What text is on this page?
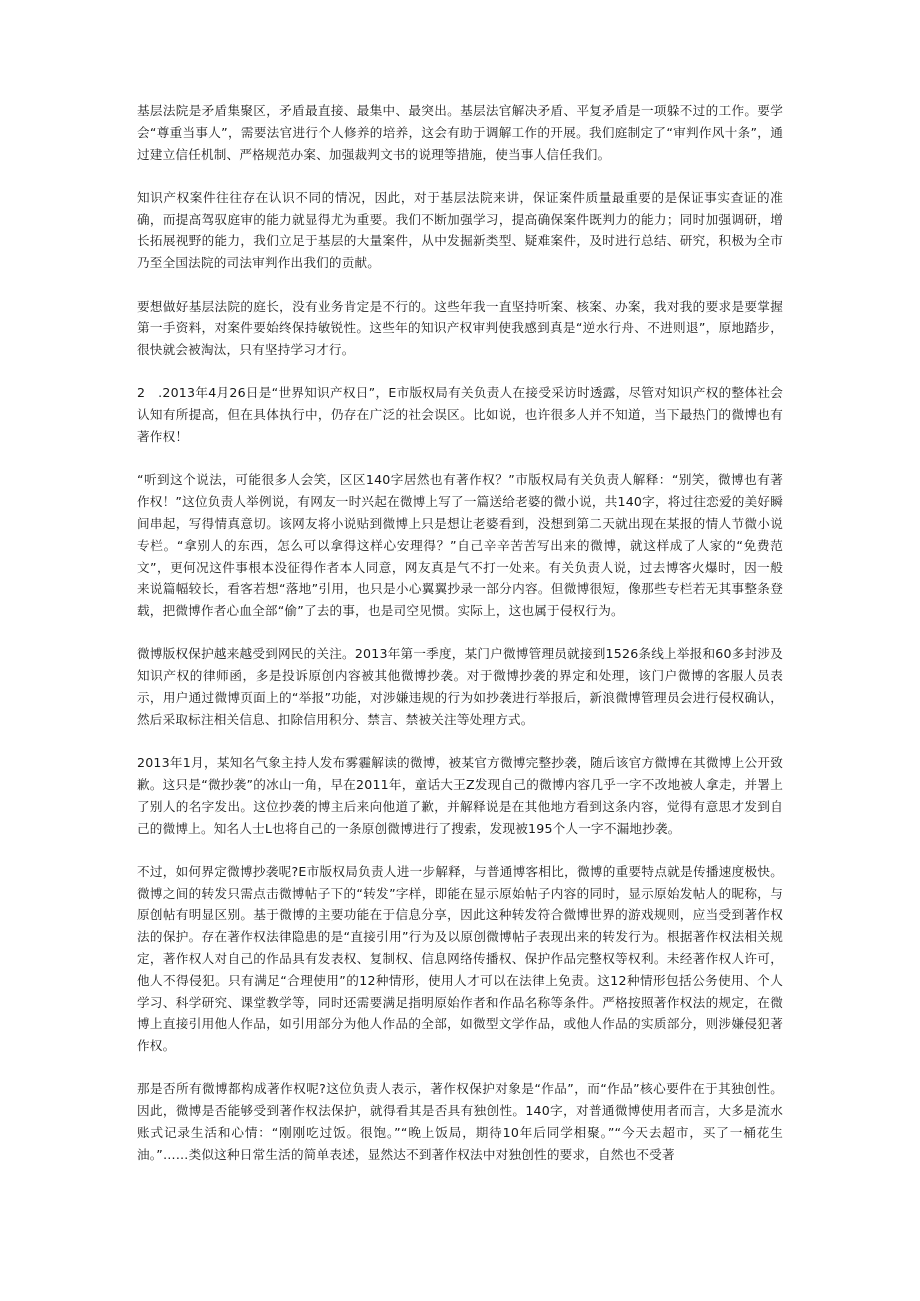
基层法院是矛盾集聚区，矛盾最直接、最集中、最突出。基层法官解决矛盾、平复矛盾是一项躲不过的工作。要学会“尊重当事人”，需要法官进行个人修养的培养，这会有助于调解工作的开展。我们庭制定了“审判作风十条”，通过建立信任机制、严格规范办案、加强裁判文书的说理等措施，使当事人信任我们。

知识产权案件往往存在认识不同的情况，因此，对于基层法院来讲，保证案件质量最重要的是保证事实查证的准确，而提高驾驭庭审的能力就显得尤为重要。我们不断加强学习，提高确保案件既判力的能力；同时加强调研，增长拓展视野的能力，我们立足于基层的大量案件，从中发掘新类型、疑难案件，及时进行总结、研究，积极为全市乃至全国法院的司法审判作出我们的贡献。

要想做好基层法院的庭长，没有业务肯定是不行的。这些年我一直坚持听案、核案、办案，我对我的要求是要掌握第一手资料，对案件要始终保持敏锐性。这些年的知识产权审判使我感到真是“逆水行舟、不进则退”，原地踏步，很快就会被淘汰，只有坚持学习才行。

2　.2013年4月26日是“世界知识产权日”，E市版权局有关负责人在接受采访时透露，尽管对知识产权的整体社会认知有所提高，但在具体执行中，仍存在广泛的社会误区。比如说，也许很多人并不知道，当下最热门的微博也有著作权！

“听到这个说法，可能很多人会笑，区区140字居然也有著作权？”市版权局有关负责人解释：“别笑，微博也有著作权！”这位负责人举例说，有网友一时兴起在微博上写了一篇送给老婆的微小说，共140字，将过往恋爱的美好瞬间串起，写得情真意切。该网友将小说贴到微博上只是想让老婆看到，没想到第二天就出现在某报的情人节微小说专栏。“拿别人的东西，怎么可以拿得这样心安理得？”自己辛辛苦苦写出来的微博，就这样成了人家的“免费范文”，更何况这件事根本没征得作者本人同意，网友真是气不打一处来。有关负责人说，过去博客火爆时，因一般来说篇幅较长，看客若想“落地”引用，也只是小心翼翼抄录一部分内容。但微博很短，像那些专栏若无其事整条登载，把微博作者心血全部“偷”了去的事，也是司空见惯。实际上，这也属于侵权行为。

微博版权保护越来越受到网民的关注。2013年第一季度，某门户微博管理员就接到1526条线上举报和60多封涉及知识产权的律师函，多是投诉原创内容被其他微博抄袭。对于微博抄袭的界定和处理，该门户微博的客服人员表示，用户通过微博页面上的“举报”功能，对涉嫌违规的行为如抄袭进行举报后，新浪微博管理员会进行侵权确认，然后采取标注相关信息、扣除信用积分、禁言、禁被关注等处理方式。

2013年1月，某知名气象主持人发布雾霾解读的微博，被某官方微博完整抄袭，随后该官方微博在其微博上公开致歉。这只是“微抄袭”的冰山一角，早在2011年，童话大王Z发现自己的微博内容几乎一字不改地被人拿走，并署上了别人的名字发出。这位抄袭的博主后来向他道了歉，并解释说是在其他地方看到这条内容，觉得有意思才发到自己的微博上。知名人士L也将自己的一条原创微博进行了搜索，发现被195个人一字不漏地抄袭。

不过，如何界定微博抄袭呢?E市版权局负责人进一步解释，与普通博客相比，微博的重要特点就是传播速度极快。微博之间的转发只需点击微博帖子下的“转发”字样，即能在显示原始帖子内容的同时，显示原始发帖人的昵称，与原创帖有明显区别。基于微博的主要功能在于信息分享，因此这种转发符合微博世界的游戏规则，应当受到著作权法的保护。存在著作权法律隐患的是“直接引用”行为及以原创微博帖子表现出来的转发行为。根据著作权法相关规定，著作权人对自己的作品具有发表权、复制权、信息网络传播权、保护作品完整权等权利。未经著作权人许可，他人不得侵犯。只有满足“合理使用”的12种情形，使用人才可以在法律上免责。这12种情形包括公务使用、个人学习、科学研究、课堂教学等，同时还需要满足指明原始作者和作品名称等条件。严格按照著作权法的规定，在微博上直接引用他人作品，如引用部分为他人作品的全部，如微型文学作品，或他人作品的实质部分，则涉嫌侵犯著作权。

那是否所有微博都构成著作权呢?这位负责人表示，著作权保护对象是“作品”，而“作品”核心要件在于其独创性。因此，微博是否能够受到著作权法保护，就得看其是否具有独创性。140字，对普通微博使用者而言，大多是流水账式记录生活和心情：“刚刚吃过饭。很饱。”“晚上饭局，期待10年后同学相聚。”“今天去超市，买了一桶花生油。”……类似这种日常生活的简单表述，显然达不到著作权法中对独创性的要求，自然也不受著
